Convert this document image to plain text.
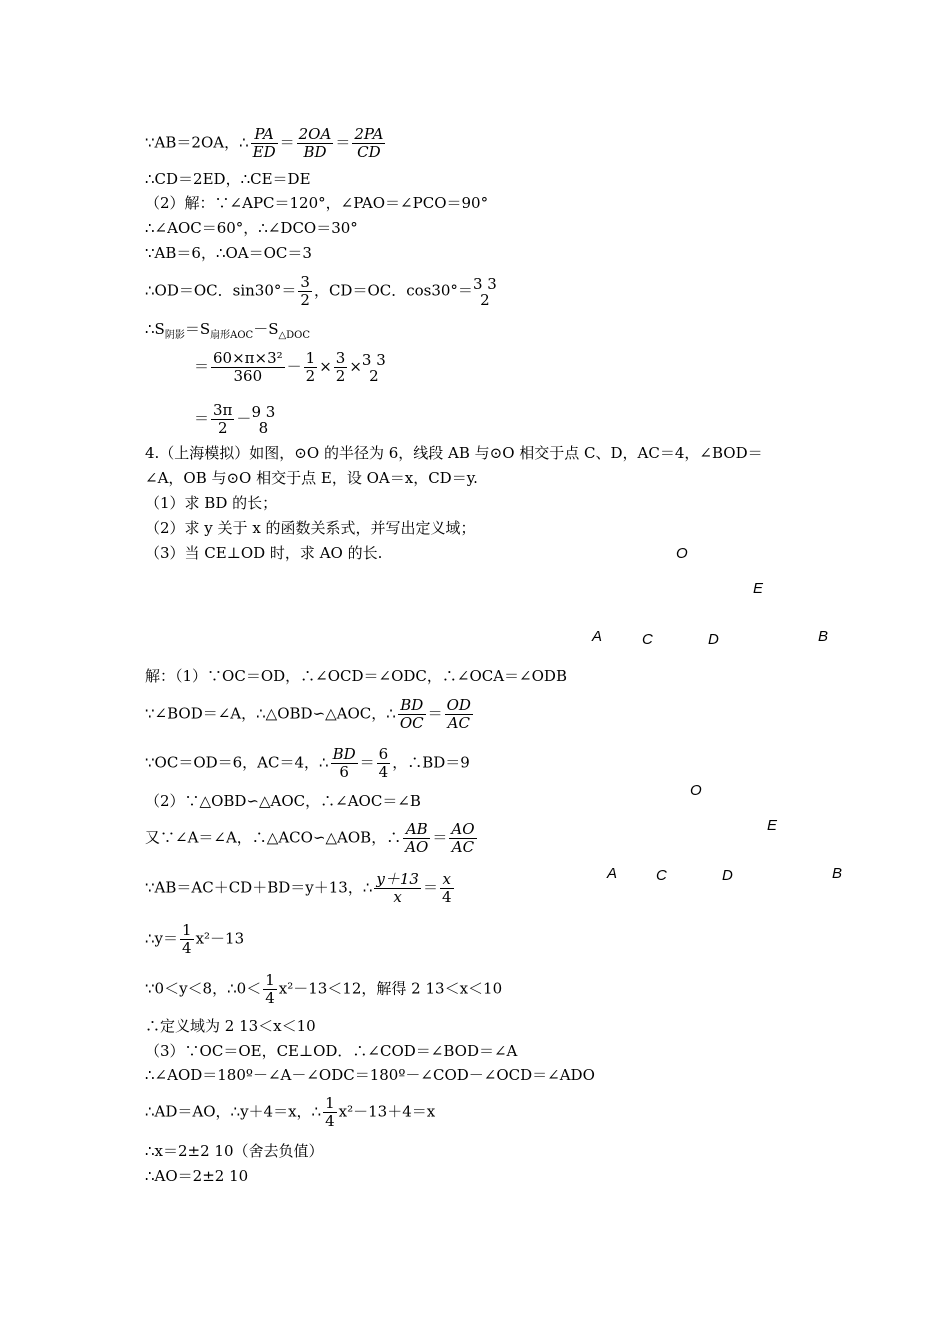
∵AB＝2OA，∴ $\frac{PA}{ED} = \frac{2OA}{BD} = \frac{2PA}{CD}$
∴CD＝2ED，∴CE＝DE
（2）解：∵∠APC＝120°，∠PAO＝∠PCO＝90°
∴∠AOC＝60°，∴∠DCO＝30°
∵AB＝6，∴OA＝OC＝3
∴OD＝OC．$\sin 30^\circ= \frac{3}{2}$ ，CD＝OC．cos30°＝ 3 3
2
$\therefore S_{阴影}=S_{扇形AOC}-S_{\triangle DOC}$
＝ $\frac{\text{60×π×3²}}{360} - \frac{1}{2} \times \frac{3}{2} \times 3$ 3
2
＝ $\frac{3\pi}{2} - 9$ 3
8
4.（上海模拟）如图，⊙O 的半径为 6，线段 AB 与⊙O 相交于点 C、D，AC＝4，∠BOD＝
∠A，OB 与⊙O 相交于点 E，设 OA＝x，CD＝y.
（1）求 BD 的长；
（2）求 y 关于 x 的函数关系式，并写出定义域；
（3）当 CE⊥OD 时，求 AO 的长.	O
E
A	C	D	B
解：（1）∵OC＝OD，∴∠OCD＝∠ODC，∴∠OCA＝∠ODB
∵∠BOD＝∠A，∴△OBD∽△AOC，∴ $\frac{BD}{OC} = \frac{OD}{AC}$
∵OC＝OD＝6，AC＝4，∴ $\frac{BD}{6} = \frac{6}{4}$ ，∴BD＝9
（2）∵△OBD∽△AOC，∴∠AOC＝∠B
又∵∠A＝∠A，∴△ACO∽△AOB，∴ $\frac{AB}{AO} = \frac{AO}{AC}$
∵AB＝AC＋CD＋BD＝y＋13，∴ $\frac{y+13}{x} = \frac{x}{4}$
O
E
A	C	D	B
∴y＝ $\frac{1}{4} x^2-13$
∵0＜y＜8，∴0＜ $\frac{1}{4} x^2-13<12$，解得 2 13＜x＜10
∴定义域为 2 13＜x＜10
（3）∵OC＝OE，CE⊥OD．∴∠COD＝∠BOD＝∠A
∴∠AOD＝180º－∠A－∠ODC＝180º－∠COD－∠OCD＝∠ADO
∴AD＝AO，∴y＋4＝x，∴ $\frac{1}{4} x^2-13+4=x$
∴x＝2±2 10（舍去负值）
∴AO＝2±2 10
